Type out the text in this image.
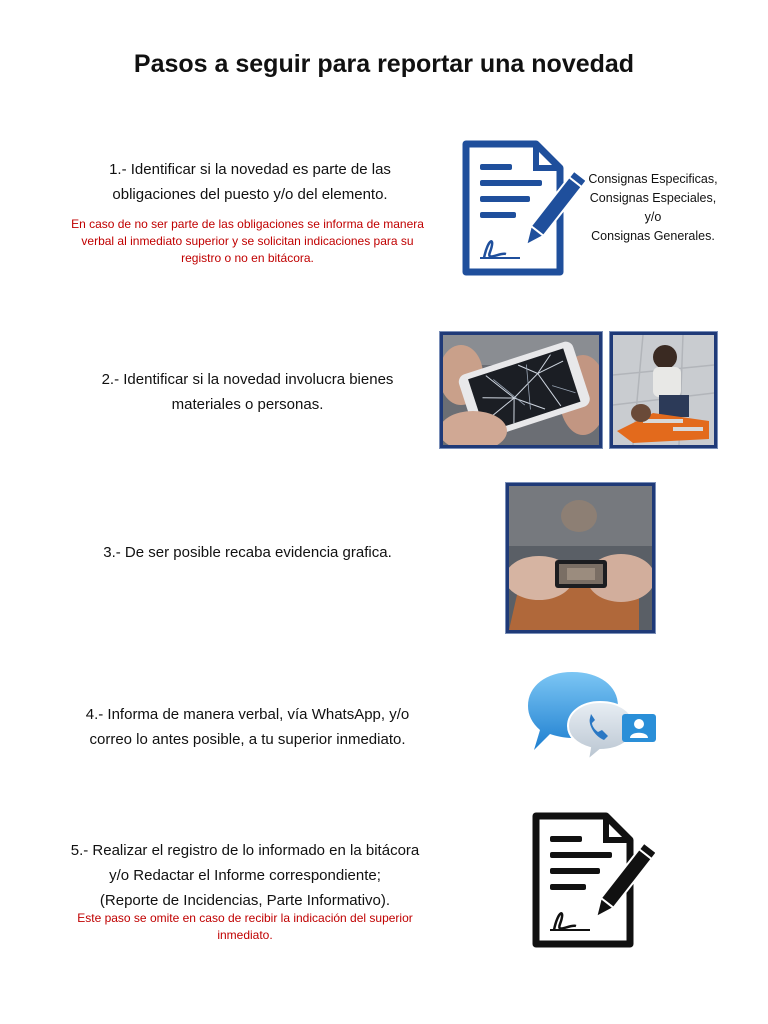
Pasos a seguir para reportar una novedad
1.- Identificar si la novedad es parte de las
obligaciones del puesto y/o del elemento.
En caso de no ser parte de las obligaciones se informa de manera
verbal al inmediato superior y se solicitan indicaciones para su
registro o no en bitácora.
Consignas Especificas,
Consignas Especiales,
y/o
Consignas Generales.
2.- Identificar si la novedad involucra bienes
materiales o personas.
3.- De ser posible recaba evidencia grafica.
4.- Informa de manera verbal, vía WhatsApp, y/o
correo lo antes posible, a tu superior inmediato.
5.- Realizar el registro de lo informado en la bitácora
y/o Redactar el Informe correspondiente;
(Reporte de Incidencias, Parte Informativo).
Este paso se omite en caso de recibir la indicación del superior
inmediato.
